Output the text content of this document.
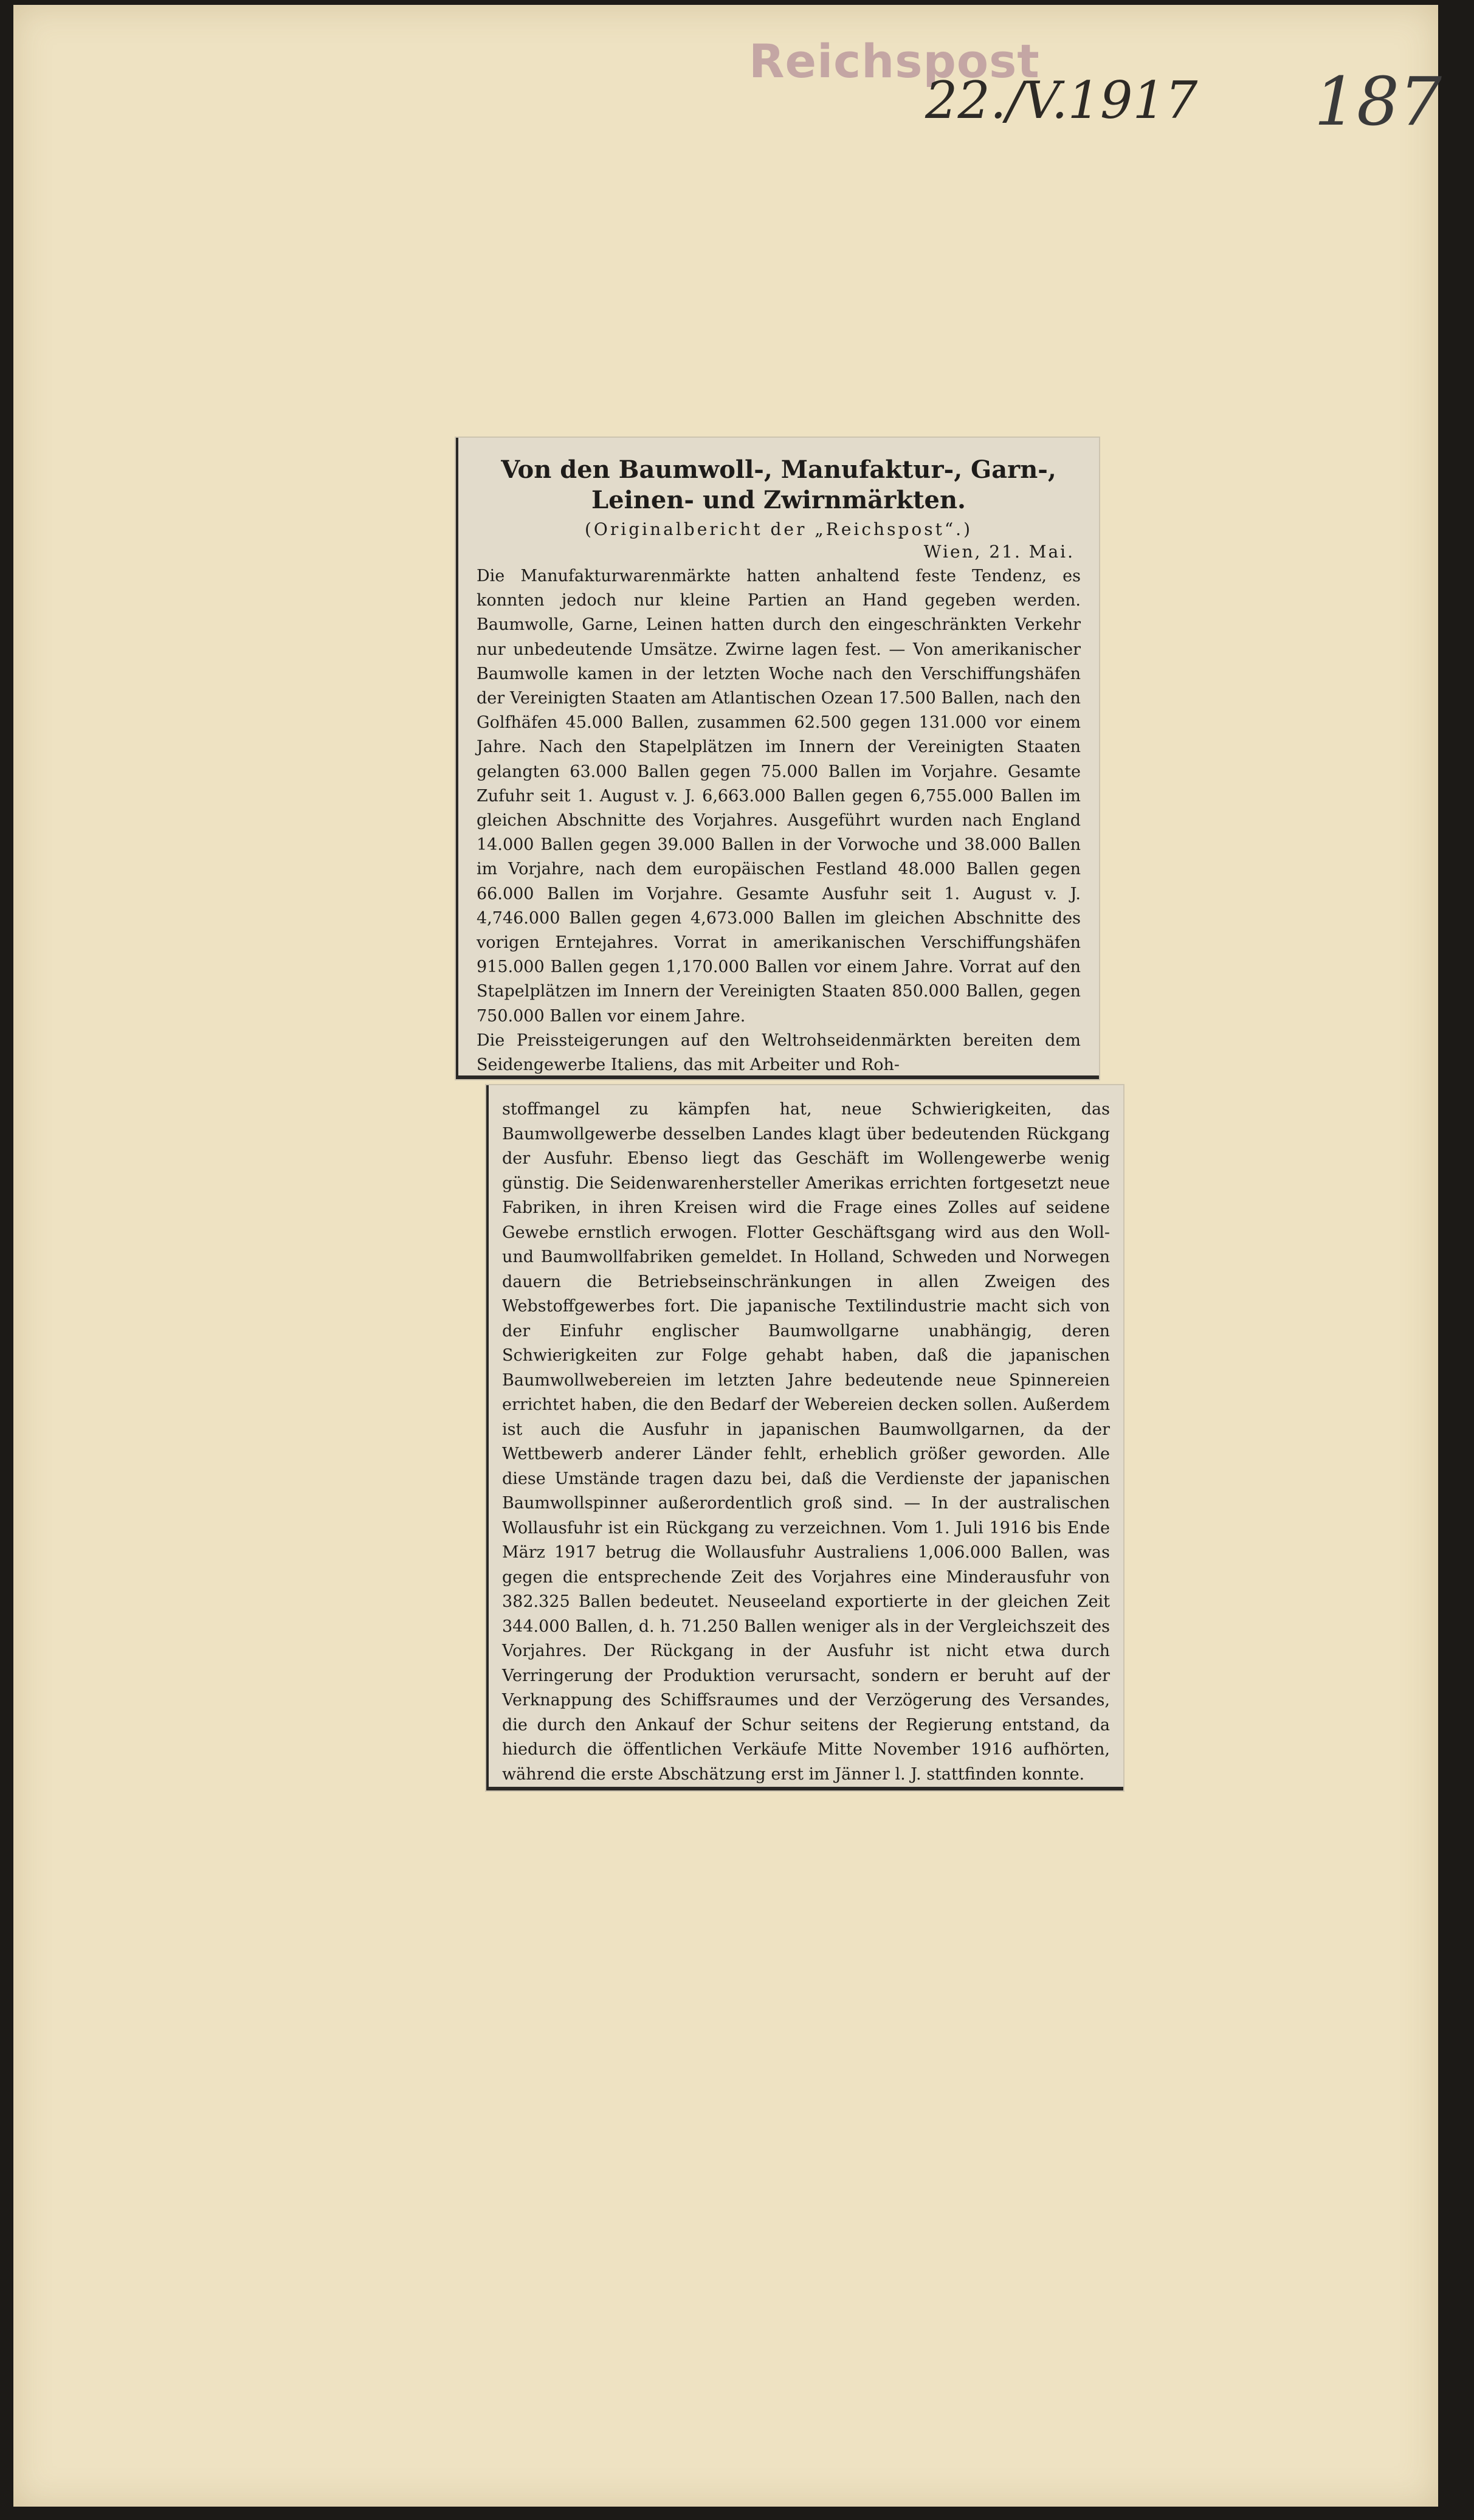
Reichspost
22./V.1917 187
Von den Baumwoll-, Manufaktur-, Garn-, Leinen- und Zwirnmärkten.
(Originalbericht der „Reichspost“.)
Wien, 21. Mai.

Die Manufakturwarenmärkte hatten anhaltend feste Tendenz, es konnten jedoch nur kleine Partien an Hand gegeben werden. Baumwolle, Garne, Leinen hatten durch den eingeschränkten Verkehr nur unbedeutende Umsätze. Zwirne lagen fest. — Von amerikanischer Baumwolle kamen in der letzten Woche nach den Verschiffungshäfen der Vereinigten Staaten am Atlantischen Ozean 17.500 Ballen, nach den Golfhäfen 45.000 Ballen, zusammen 62.500 gegen 131.000 vor einem Jahre. Nach den Stapelplätzen im Innern der Vereinigten Staaten gelangten 63.000 Ballen gegen 75.000 Ballen im Vorjahre. Gesamte Zufuhr seit 1. August v. J. 6,663.000 Ballen gegen 6,755.000 Ballen im gleichen Abschnitte des Vorjahres. Ausgeführt wurden nach England 14.000 Ballen gegen 39.000 Ballen in der Vorwoche und 38.000 Ballen im Vorjahre, nach dem europäischen Festland 48.000 Ballen gegen 66.000 Ballen im Vorjahre. Gesamte Ausfuhr seit 1. August v. J. 4,746.000 Ballen gegen 4,673.000 Ballen im gleichen Abschnitte des vorigen Erntejahres. Vorrat in amerikanischen Verschiffungshäfen 915.000 Ballen gegen 1,170.000 Ballen vor einem Jahre. Vorrat auf den Stapelplätzen im Innern der Vereinigten Staaten 850.000 Ballen, gegen 750.000 Ballen vor einem Jahre.

Die Preissteigerungen auf den Weltrohseidenmärkten bereiten dem Seidengewerbe Italiens, das mit Arbeiter und Roh-

stoffmangel zu kämpfen hat, neue Schwierigkeiten, das Baumwollgewerbe desselben Landes klagt über bedeutenden Rückgang der Ausfuhr. Ebenso liegt das Geschäft im Wollengewerbe wenig günstig. Die Seidenwarenhersteller Amerikas errichten fortgesetzt neue Fabriken, in ihren Kreisen wird die Frage eines Zolles auf seidene Gewebe ernstlich erwogen. Flotter Geschäftsgang wird aus den Woll- und Baumwollfabriken gemeldet. In Holland, Schweden und Norwegen dauern die Betriebseinschränkungen in allen Zweigen des Webstoffgewerbes fort. Die japanische Textilindustrie macht sich von der Einfuhr englischer Baumwollgarne unabhängig, deren Schwierigkeiten zur Folge gehabt haben, daß die japanischen Baumwollwebereien im letzten Jahre bedeutende neue Spinnereien errichtet haben, die den Bedarf der Webereien decken sollen. Außerdem ist auch die Ausfuhr in japanischen Baumwollgarnen, da der Wettbewerb anderer Länder fehlt, erheblich größer geworden. Alle diese Umstände tragen dazu bei, daß die Verdienste der japanischen Baumwollspinner außerordentlich groß sind. — In der australischen Wollausfuhr ist ein Rückgang zu verzeichnen. Vom 1. Juli 1916 bis Ende März 1917 betrug die Wollausfuhr Australiens 1,006.000 Ballen, was gegen die entsprechende Zeit des Vorjahres eine Minderausfuhr von 382.325 Ballen bedeutet. Neuseeland exportierte in der gleichen Zeit 344.000 Ballen, d. h. 71.250 Ballen weniger als in der Vergleichszeit des Vorjahres. Der Rückgang in der Ausfuhr ist nicht etwa durch Verringerung der Produktion verursacht, sondern er beruht auf der Verknappung des Schiffsraumes und der Verzögerung des Versandes, die durch den Ankauf der Schur seitens der Regierung entstand, da hiedurch die öffentlichen Verkäufe Mitte November 1916 aufhörten, während die erste Abschätzung erst im Jänner l. J. stattfinden konnte.
